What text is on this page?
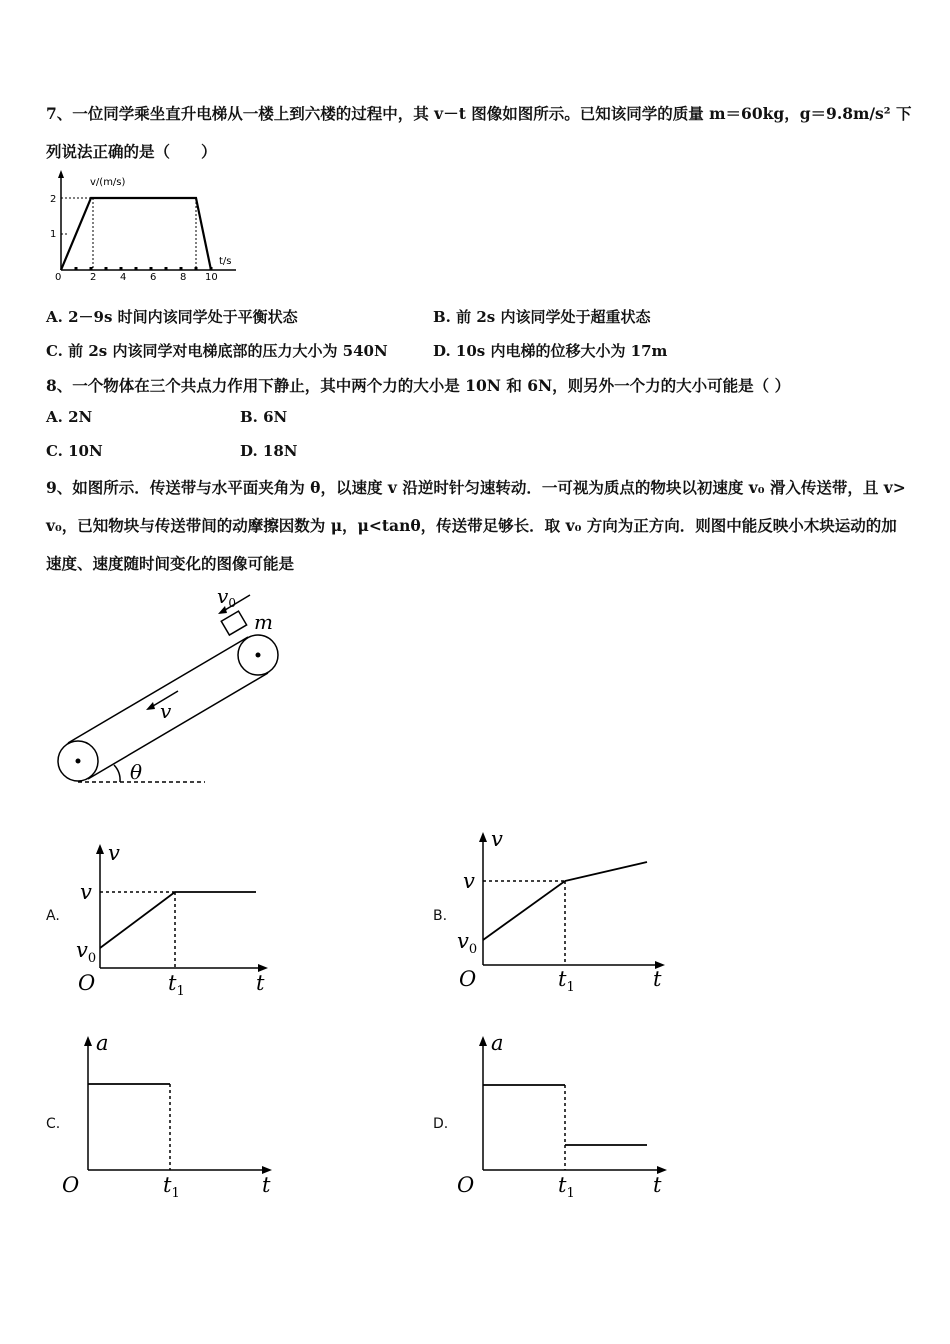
7、一位同学乘坐直升电梯从一楼上到六楼的过程中，其 v－t 图像如图所示。已知该同学的质量 m＝60kg，g＝9.8m/s² 下
列说法正确的是（　　）
v/(m/s)
t/s
2
1
0	2 4 6 8 10
A. 2－9s 时间内该同学处于平衡状态	B. 前 2s 内该同学处于超重状态
C. 前 2s 内该同学对电梯底部的压力大小为 540N	D. 10s 内电梯的位移大小为 17m
8、一个物体在三个共点力作用下静止，其中两个力的大小是 10N 和 6N，则另外一个力的大小可能是（ ）
A. 2N	B. 6N
C. 10N	D. 18N
9、如图所示．传送带与水平面夹角为 θ，以速度 v 沿逆时针匀速转动．一可视为质点的物块以初速度 v₀ 滑入传送带，且 v>
v₀，已知物块与传送带间的动摩擦因数为 μ，μ<tanθ，传送带足够长．取 v₀ 方向为正方向．则图中能反映小木块运动的加
速度、速度随时间变化的图像可能是
$v_0$
m
v
θ
A.
v
v
$v_0$
O	$t_1$	t
B.
v
v
$v_0$
O	$t_1$	t
C.
a
O	$t_1$	t
D.
a
O	$t_1$	t
